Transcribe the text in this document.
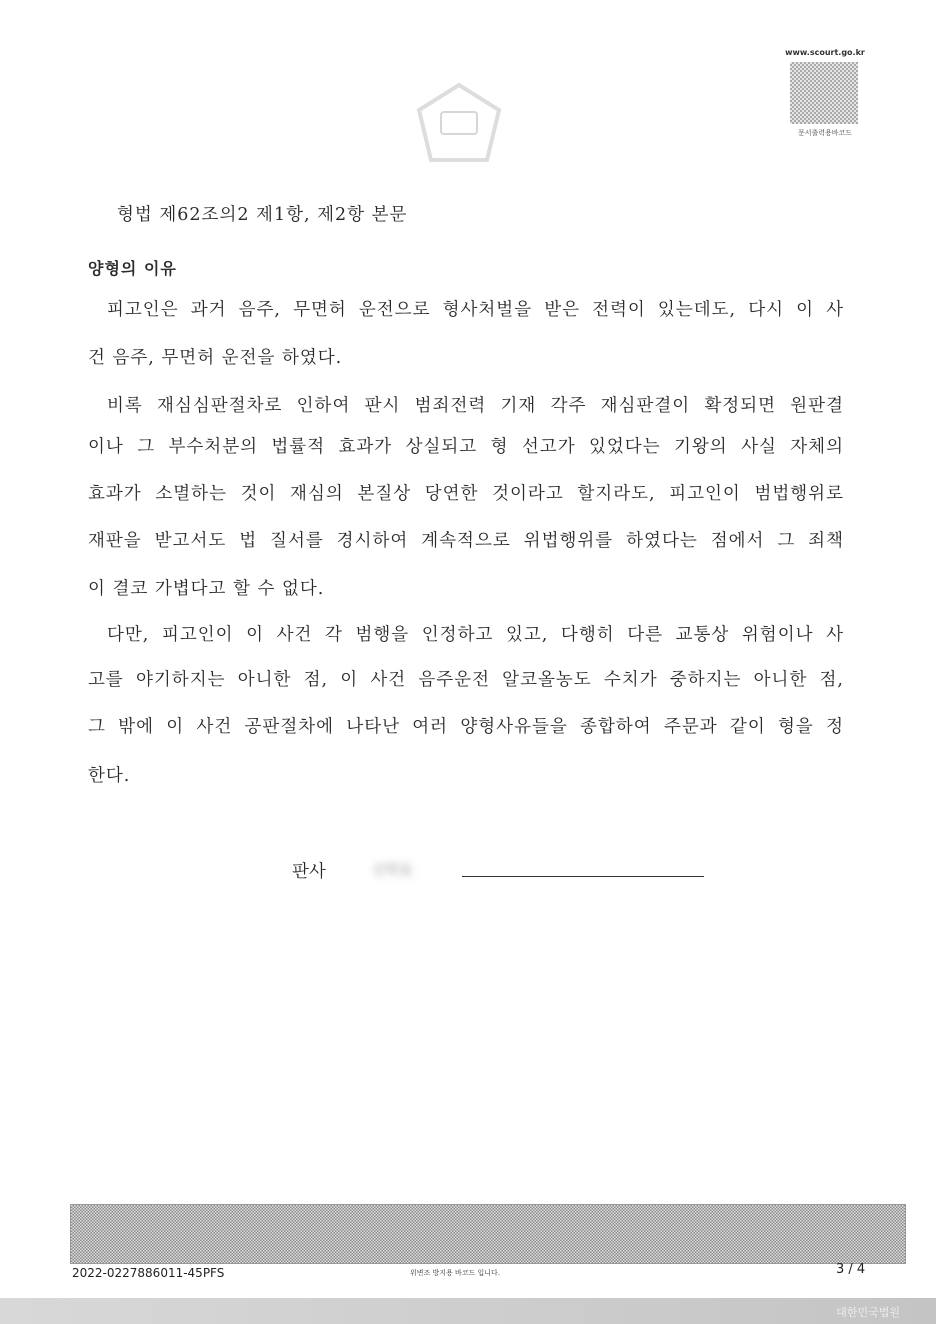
www.scourt.go.kr
문서출력용바코드
형법 제62조의2 제1항, 제2항 본문
양형의 이유
피고인은 과거 음주, 무면허 운전으로 형사처벌을 받은 전력이 있는데도, 다시 이 사
건 음주, 무면허 운전을 하였다.
비록 재심심판절차로 인하여 판시 범죄전력 기재 각주 재심판결이 확정되면 원판결
이나 그 부수처분의 법률적 효과가 상실되고 형 선고가 있었다는 기왕의 사실 자체의
효과가 소멸하는 것이 재심의 본질상 당연한 것이라고 할지라도, 피고인이 범법행위로
재판을 받고서도 법 질서를 경시하여 계속적으로 위법행위를 하였다는 점에서 그 죄책
이 결코 가볍다고 할 수 없다.
다만, 피고인이 이 사건 각 범행을 인정하고 있고, 다행히 다른 교통상 위험이나 사
고를 야기하지는 아니한 점, 이 사건 음주운전 알코올농도 수치가 중하지는 아니한 점,
그 밖에 이 사건 공판절차에 나타난 여러 양형사유들을 종합하여 주문과 같이 형을 정
한다.
판사	신학호
2022-0227886011-45PFS	위변조 방지용 바코드 입니다.	3 / 4
대한민국법원
